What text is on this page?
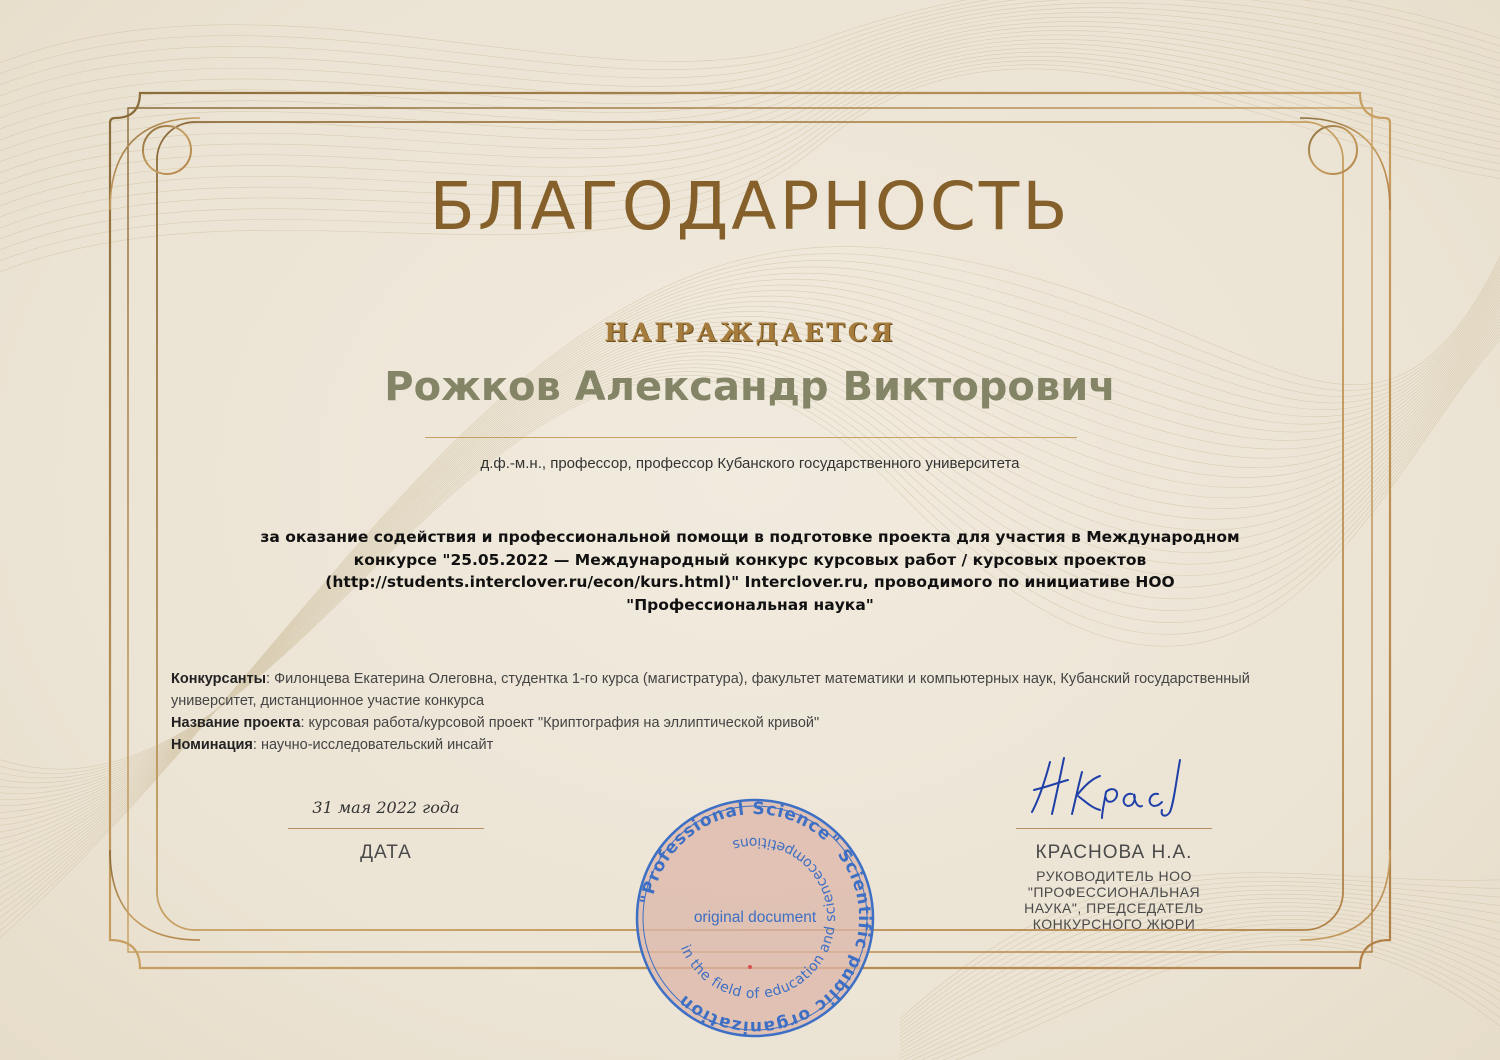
БЛАГОДАРНОСТЬ
НАГРАЖДАЕТСЯ
Рожков Александр Викторович
д.ф.-м.н., профессор, профессор Кубанского государственного университета
за оказание содействия и профессиональной помощи в подготовке проекта для участия в Международном
конкурсе "25.05.2022 — Международный конкурс курсовых работ / курсовых проектов
(http://students.interclover.ru/econ/kurs.html)" Interclover.ru, проводимого по инициативе НОО
"Профессиональная наука"
Конкурсанты: Филонцева Екатерина Олеговна, студентка 1-го курса (магистратура), факультет математики и компьютерных наук, Кубанский государственный университет, дистанционное участие конкурса
Название проекта: курсовая работа/курсовой проект "Криптография на эллиптической кривой"
Номинация: научно-исследовательский инсайт
31 мая 2022 года
ДАТА	КРАСНОВА Н.А.
РУКОВОДИТЕЛЬ НОО
"ПРОФЕССИОНАЛЬНАЯ
НАУКА", ПРЕДСЕДАТЕЛЬ
КОНКУРСНОГО ЖЮРИ
"Professional Science" Scientific public organization
in the field of education and sciencecompetitions
original document
